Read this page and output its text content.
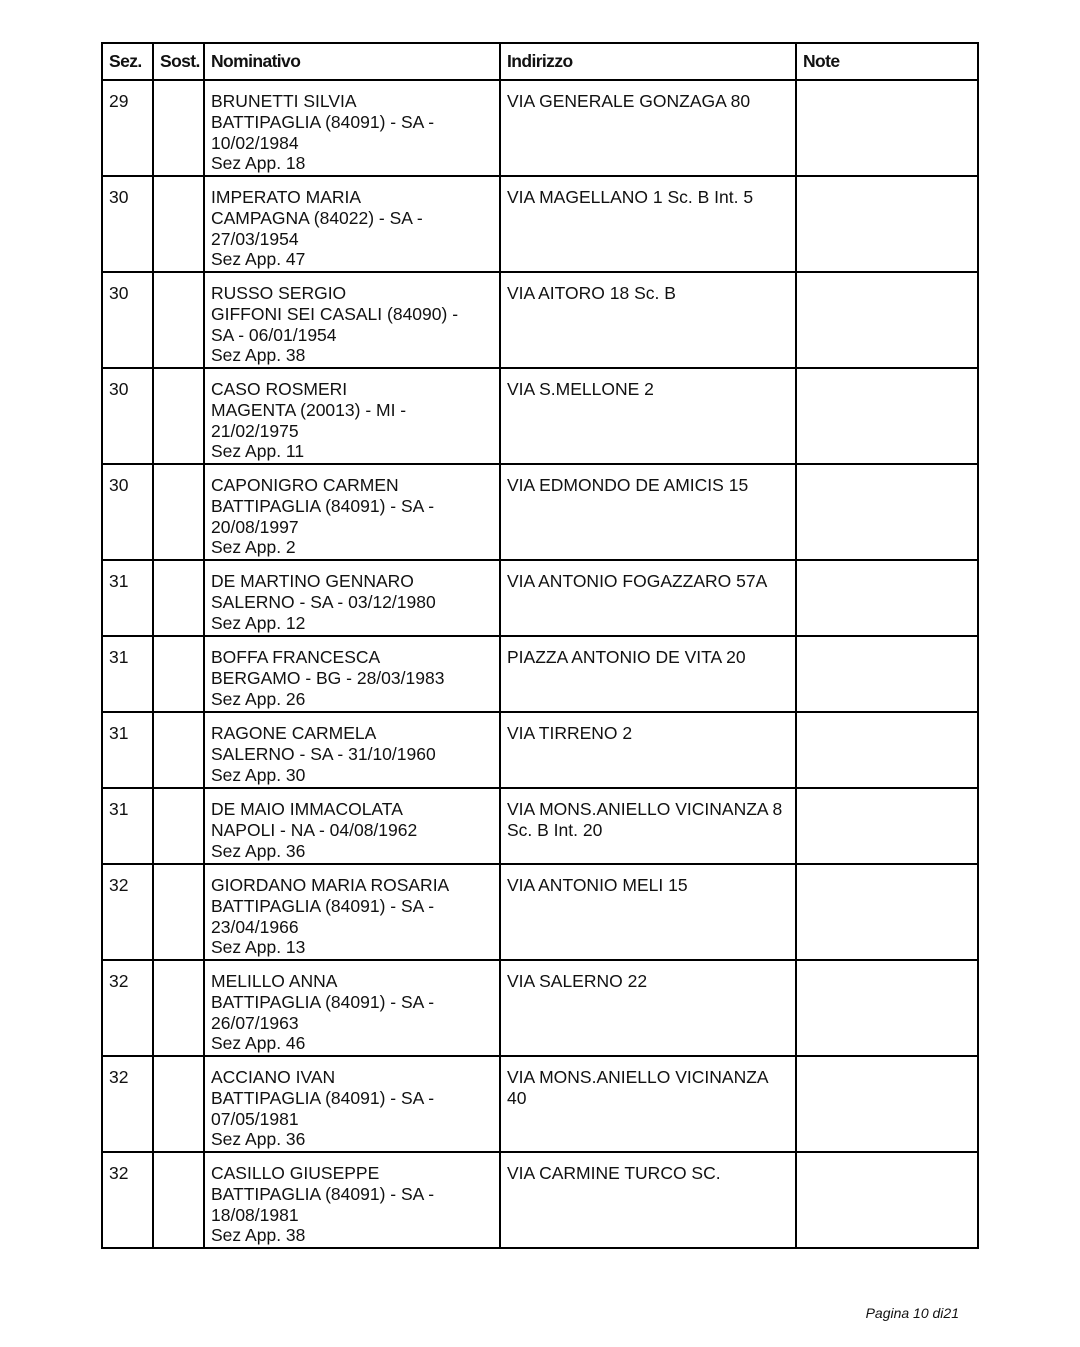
Sez.	Sost.	Nominativo	Indirizzo	Note
29		BRUNETTI SILVIA
BATTIPAGLIA (84091) - SA -
10/02/1984
Sez App. 18	VIA GENERALE GONZAGA 80	

30		IMPERATO MARIA
CAMPAGNA (84022) - SA -
27/03/1954
Sez App. 47	VIA MAGELLANO 1 Sc. B Int. 5	

30		RUSSO SERGIO
GIFFONI SEI CASALI (84090) -
SA - 06/01/1954
Sez App. 38	VIA AITORO 18 Sc. B	

30		CASO ROSMERI
MAGENTA (20013) - MI -
21/02/1975
Sez App. 11	VIA S.MELLONE 2	

30		CAPONIGRO CARMEN
BATTIPAGLIA (84091) - SA -
20/08/1997
Sez App. 2	VIA EDMONDO DE AMICIS 15	

31		DE MARTINO GENNARO
SALERNO - SA - 03/12/1980
Sez App. 12	VIA ANTONIO FOGAZZARO 57A	

31		BOFFA FRANCESCA
BERGAMO - BG - 28/03/1983
Sez App. 26	PIAZZA ANTONIO DE VITA 20	

31		RAGONE CARMELA
SALERNO - SA - 31/10/1960
Sez App. 30	VIA TIRRENO 2	

31		DE MAIO IMMACOLATA
NAPOLI - NA - 04/08/1962
Sez App. 36	VIA MONS.ANIELLO VICINANZA 8 Sc. B Int. 20	

32		GIORDANO MARIA ROSARIA
BATTIPAGLIA (84091) - SA -
23/04/1966
Sez App. 13	VIA ANTONIO MELI 15	

32		MELILLO ANNA
BATTIPAGLIA (84091) - SA -
26/07/1963
Sez App. 46	VIA SALERNO 22	

32		ACCIANO IVAN
BATTIPAGLIA (84091) - SA -
07/05/1981
Sez App. 36	VIA MONS.ANIELLO VICINANZA 40	

32		CASILLO GIUSEPPE
BATTIPAGLIA (84091) - SA -
18/08/1981
Sez App. 38	VIA CARMINE TURCO SC.	

Pagina 10 di21
